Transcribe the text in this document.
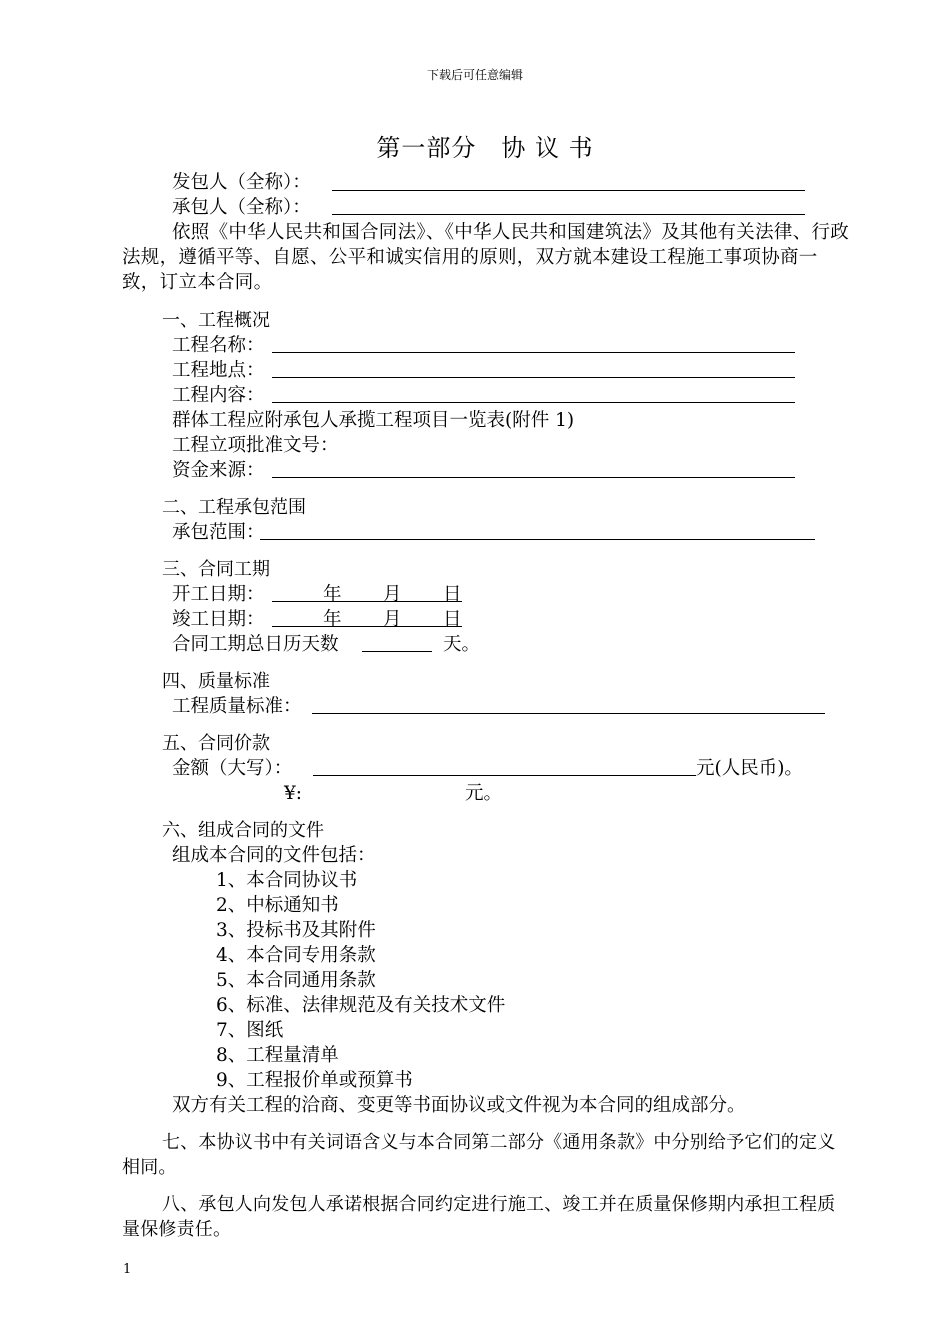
下载后可任意编辑
第一部分　协 议 书
发包人（全称）：
承包人（全称）：
依照《中华人民共和国合同法》、《中华人民共和国建筑法》及其他有关法律、行政法规，遵循平等、自愿、公平和诚实信用的原则，双方就本建设工程施工事项协商一致，订立本合同。
一、工程概况
工程名称：
工程地点：
工程内容：
群体工程应附承包人承揽工程项目一览表(附件 1)
工程立项批准文号：
资金来源：
二、工程承包范围
承包范围：
三、合同工期
开工日期：	年 月 日
竣工日期：	年 月 日
合同工期总日历天数	天。
四、质量标准
工程质量标准：
五、合同价款
金额（大写）：	元(人民币)。
¥:	元。
六、组成合同的文件
组成本合同的文件包括：
1、本合同协议书
2、中标通知书
3、投标书及其附件
4、本合同专用条款
5、本合同通用条款
6、标准、法律规范及有关技术文件
7、图纸
8、工程量清单
9、工程报价单或预算书
双方有关工程的洽商、变更等书面协议或文件视为本合同的组成部分。
七、本协议书中有关词语含义与本合同第二部分《通用条款》中分别给予它们的定义相同。
八、承包人向发包人承诺根据合同约定进行施工、竣工并在质量保修期内承担工程质量保修责任。
1
